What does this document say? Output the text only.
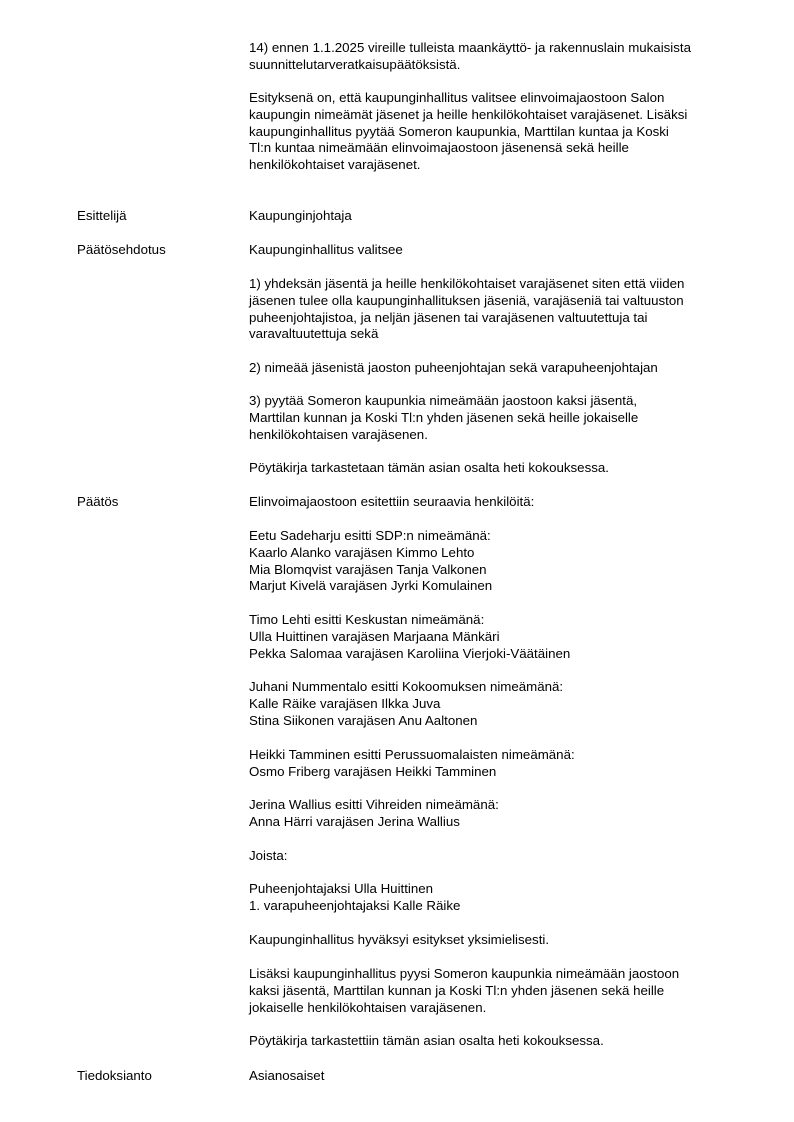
14) ennen 1.1.2025 vireille tulleista maankäyttö- ja rakennuslain mukaisista
suunnittelutarveratkaisupäätöksistä.

Esityksenä on, että kaupunginhallitus valitsee elinvoimajaostoon Salon
kaupungin nimeämät jäsenet ja heille henkilökohtaiset varajäsenet. Lisäksi
kaupunginhallitus pyytää Someron kaupunkia, Marttilan kuntaa ja Koski
Tl:n kuntaa nimeämään elinvoimajaostoon jäsenensä sekä heille
henkilökohtaiset varajäsenet.

Esittelijä	Kaupunginjohtaja

Päätösehdotus	Kaupunginhallitus valitsee

1) yhdeksän jäsentä ja heille henkilökohtaiset varajäsenet siten että viiden
jäsenen tulee olla kaupunginhallituksen jäseniä, varajäseniä tai valtuuston
puheenjohtajistoa, ja neljän jäsenen tai varajäsenen valtuutettuja tai
varavaltuutettuja sekä

2) nimeää jäsenistä jaoston puheenjohtajan sekä varapuheenjohtajan

3) pyytää Someron kaupunkia nimeämään jaostoon kaksi jäsentä,
Marttilan kunnan ja Koski Tl:n yhden jäsenen sekä heille jokaiselle
henkilökohtaisen varajäsenen.

Pöytäkirja tarkastetaan tämän asian osalta heti kokouksessa.

Päätös	Elinvoimajaostoon esitettiin seuraavia henkilöitä:

Eetu Sadeharju esitti SDP:n nimeämänä:
Kaarlo Alanko varajäsen Kimmo Lehto
Mia Blomqvist varajäsen Tanja Valkonen
Marjut Kivelä varajäsen Jyrki Komulainen

Timo Lehti esitti Keskustan nimeämänä:
Ulla Huittinen varajäsen Marjaana Mänkäri
Pekka Salomaa varajäsen Karoliina Vierjoki-Väätäinen

Juhani Nummentalo esitti Kokoomuksen nimeämänä:
Kalle Räike varajäsen Ilkka Juva
Stina Siikonen varajäsen Anu Aaltonen

Heikki Tamminen esitti Perussuomalaisten nimeämänä:
Osmo Friberg varajäsen Heikki Tamminen

Jerina Wallius esitti Vihreiden nimeämänä:
Anna Härri varajäsen Jerina Wallius

Joista:

Puheenjohtajaksi Ulla Huittinen
1. varapuheenjohtajaksi Kalle Räike

Kaupunginhallitus hyväksyi esitykset yksimielisesti.

Lisäksi kaupunginhallitus pyysi Someron kaupunkia nimeämään jaostoon
kaksi jäsentä, Marttilan kunnan ja Koski Tl:n yhden jäsenen sekä heille
jokaiselle henkilökohtaisen varajäsenen.

Pöytäkirja tarkastettiin tämän asian osalta heti kokouksessa.

Tiedoksianto	Asianosaiset
